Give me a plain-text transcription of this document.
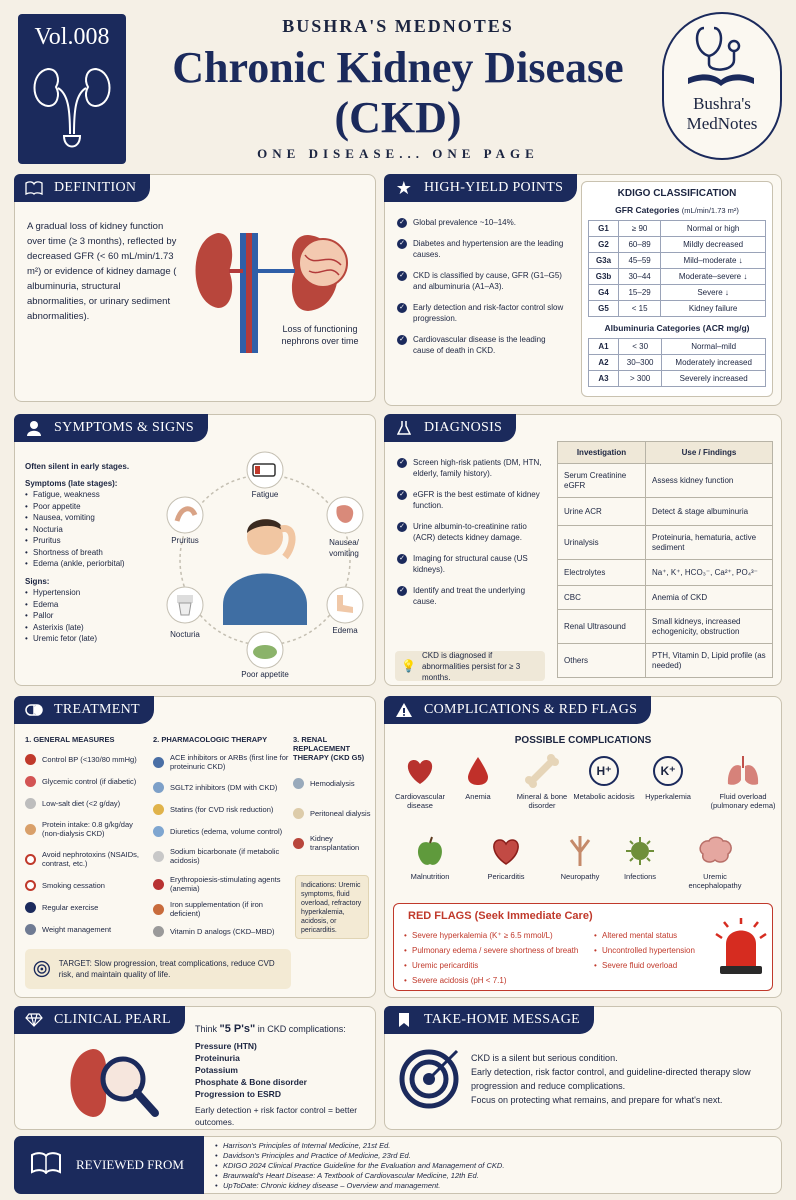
Vol.008	BUSHRA'S MEDNOTES
Chronic Kidney Disease
(CKD)
ONE DISEASE... ONE PAGE
Bushra's
MedNotes
DEFINITION
A gradual loss of kidney function over time (≥ 3 months), reflected by decreased GFR (< 60 mL/min/1.73 m²) or evidence of kidney damage ( albuminuria, structural abnormalities, or urinary sediment abnormalities).
Loss of functioning nephrons over time
★ HIGH-YIELD POINTS
✓ Global prevalence ~10–14%.
✓ Diabetes and hypertension are the leading causes.
✓ CKD is classified by cause, GFR (G1–G5) and albuminuria (A1–A3).
✓ Early detection and risk-factor control slow progression.
✓ Cardiovascular disease is the leading cause of death in CKD.
KDIGO CLASSIFICATION
GFR Categories (mL/min/1.73 m²)
G1	≥ 90	Normal or high
G2	60–89	Mildly decreased
G3a	45–59	Mild–moderate ↓
G3b	30–44	Moderate–severe ↓
G4	15–29	Severe ↓
G5	< 15	Kidney failure
Albuminuria Categories (ACR mg/g)
A1	< 30	Normal–mild
A2	30–300	Moderately increased
A3	> 300	Severely increased
SYMPTOMS & SIGNS
Often silent in early stages.
Symptoms (late stages):
• Fatigue, weakness
• Poor appetite
• Nausea, vomiting
• Nocturia
• Pruritus
• Shortness of breath
• Edema (ankle, periorbital)
Signs:
• Hypertension
• Edema
• Pallor
• Asterixis (late)
• Uremic fetor (late)
Fatigue
Nausea/ vomiting
Edema
Poor appetite
Nocturia
Pruritus
DIAGNOSIS
✓ Screen high-risk patients (DM, HTN, elderly, family history).
✓ eGFR is the best estimate of kidney function.
✓ Urine albumin-to-creatinine ratio (ACR) detects kidney damage.
✓ Imaging for structural cause (US kidneys).
✓ Identify and treat the underlying cause.
💡
CKD is diagnosed if abnormalities persist for ≥ 3 months.
Investigation	Use / Findings
Serum Creatinine eGFR	Assess kidney function
Urine ACR	Detect & stage albuminuria
Urinalysis	Proteinuria, hematuria, active sediment
Electrolytes	Na⁺, K⁺, HCO₃⁻, Ca²⁺, PO₄³⁻
CBC	Anemia of CKD
Renal Ultrasound	Small kidneys, increased echogenicity, obstruction
Others	PTH, Vitamin D, Lipid profile (as needed)
TREATMENT
1. GENERAL MEASURES
Control BP (<130/80 mmHg)
Glycemic control (if diabetic)
Low-salt diet (<2 g/day)
Protein intake: 0.8 g/kg/day (non-dialysis CKD)
Avoid nephrotoxins (NSAIDs, contrast, etc.)
Smoking cessation
Regular exercise
Weight management
2. PHARMACOLOGIC THERAPY
ACE inhibitors or ARBs (first line for proteinuric CKD)
SGLT2 inhibitors (DM with CKD)
Statins (for CVD risk reduction)
Diuretics (edema, volume control)
Sodium bicarbonate (if metabolic acidosis)
Erythropoiesis-stimulating agents (anemia)
Iron supplementation (if iron deficient)
Vitamin D analogs (CKD–MBD)
3. RENAL REPLACEMENT THERAPY (CKD G5)
Hemodialysis
Peritoneal dialysis
Kidney transplantation
Indications: Uremic symptoms, fluid overload, refractory hyperkalemia, acidosis, or pericarditis.
TARGET: Slow progression, treat complications, reduce CVD risk, and maintain quality of life.
COMPLICATIONS & RED FLAGS
POSSIBLE COMPLICATIONS
Cardiovascular disease
Anemia	Mineral & bone disorder
H⁺
Metabolic acidosis
K⁺
Hyperkalemia	Fluid overload (pulmonary edema)
Malnutrition	Pericarditis	Neuropathy	Infections	Uremic encephalopathy
RED FLAGS (Seek Immediate Care)
• Severe hyperkalemia (K⁺ ≥ 6.5 mmol/L)
• Pulmonary edema / severe shortness of breath
• Uremic pericarditis
• Severe acidosis (pH < 7.1)
• Altered mental status
• Uncontrolled hypertension
• Severe fluid overload
CLINICAL PEARL
Think "5 P's" in CKD complications:
Pressure (HTN)
Proteinuria
Potassium
Phosphate & Bone disorder
Progression to ESRD
Early detection + risk factor control = better outcomes.
TAKE-HOME MESSAGE
CKD is a silent but serious condition.
Early detection, risk factor control, and guideline-directed therapy slow progression and reduce complications.
Focus on protecting what remains, and prepare for what's next.
REVIEWED FROM
• Harrison's Principles of Internal Medicine, 21st Ed.
• Davidson's Principles and Practice of Medicine, 23rd Ed.
• KDIGO 2024 Clinical Practice Guideline for the Evaluation and Management of CKD.
• Braunwald's Heart Disease: A Textbook of Cardiovascular Medicine, 12th Ed.
• UpToDate: Chronic kidney disease – Overview and management.
